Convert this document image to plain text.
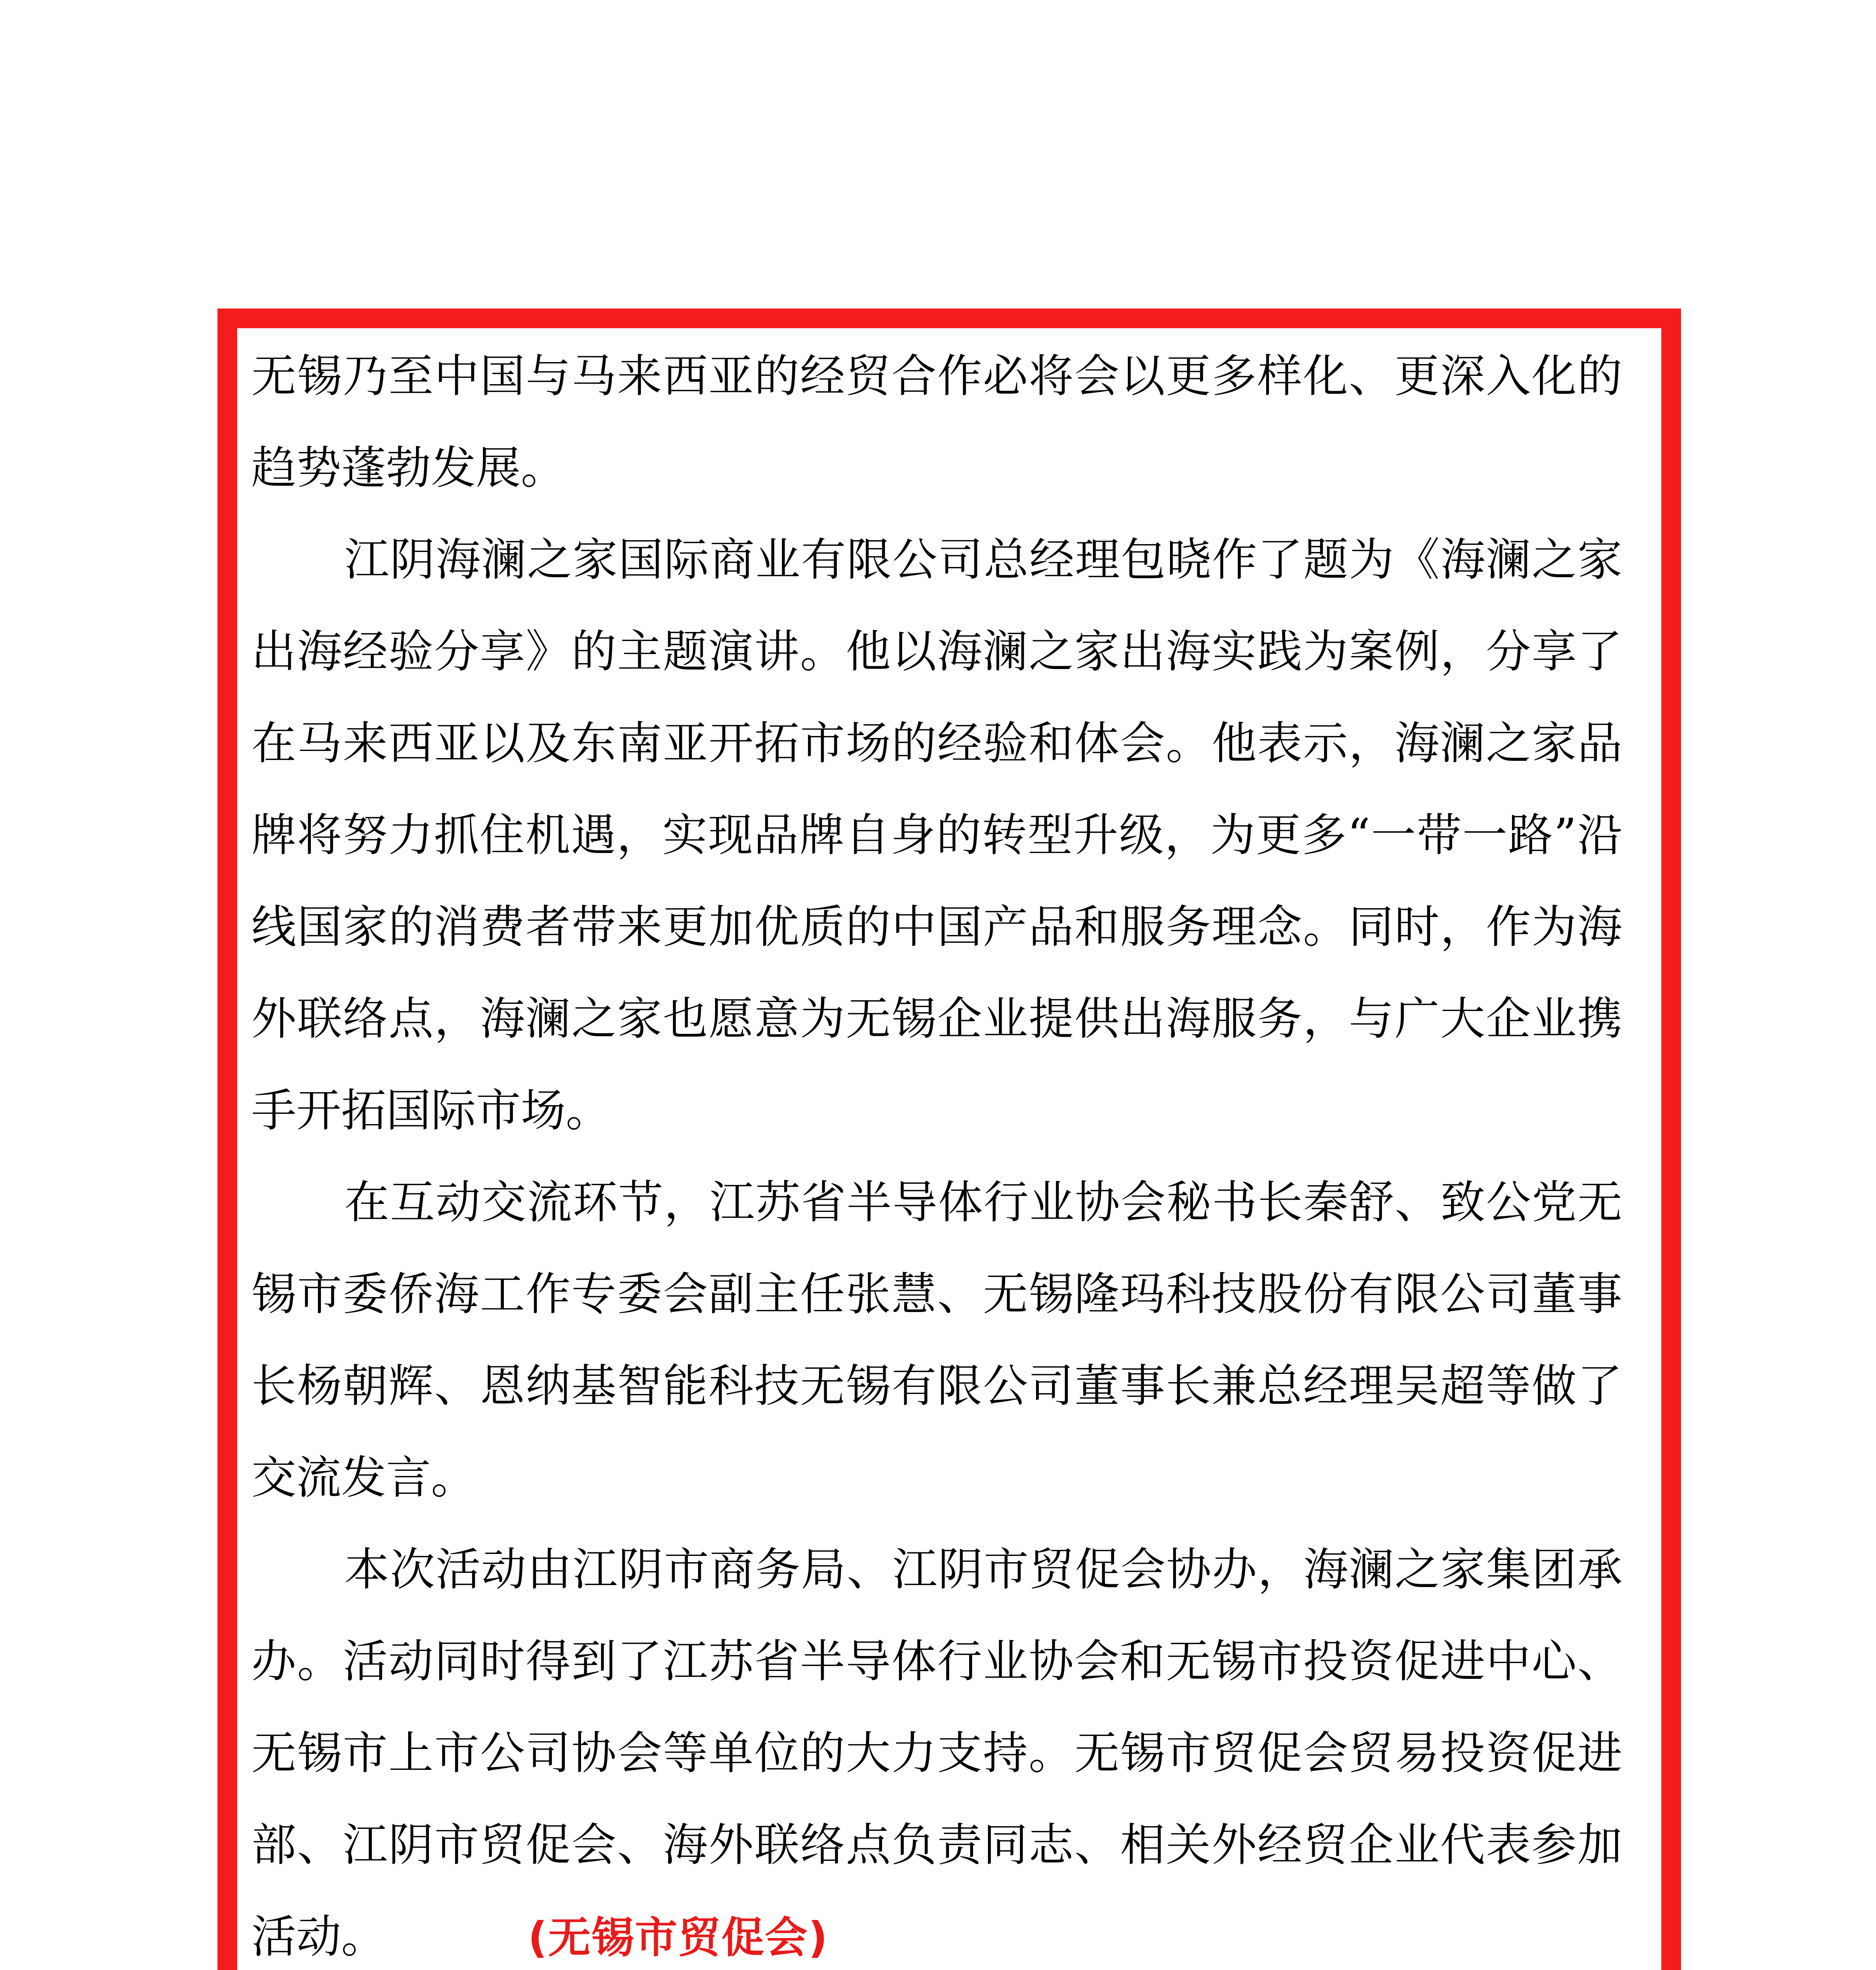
无锡乃至中国与马来西亚的经贸合作必将会以更多样化、更深入化的趋势蓬勃发展。

江阴海澜之家国际商业有限公司总经理包晓作了题为《海澜之家出海经验分享》的主题演讲。他以海澜之家出海实践为案例，分享了在马来西亚以及东南亚开拓市场的经验和体会。他表示，海澜之家品牌将努力抓住机遇，实现品牌自身的转型升级，为更多“一带一路”沿线国家的消费者带来更加优质的中国产品和服务理念。同时，作为海外联络点，海澜之家也愿意为无锡企业提供出海服务，与广大企业携手开拓国际市场。

在互动交流环节，江苏省半导体行业协会秘书长秦舒、致公党无锡市委侨海工作专委会副主任张慧、无锡隆玛科技股份有限公司董事长杨朝辉、恩纳基智能科技无锡有限公司董事长兼总经理吴超等做了交流发言。

本次活动由江阴市商务局、江阴市贸促会协办，海澜之家集团承办。活动同时得到了江苏省半导体行业协会和无锡市投资促进中心、无锡市上市公司协会等单位的大力支持。无锡市贸促会贸易投资促进部、江阴市贸促会、海外联络点负责同志、相关外经贸企业代表参加活动。	(无锡市贸促会)
